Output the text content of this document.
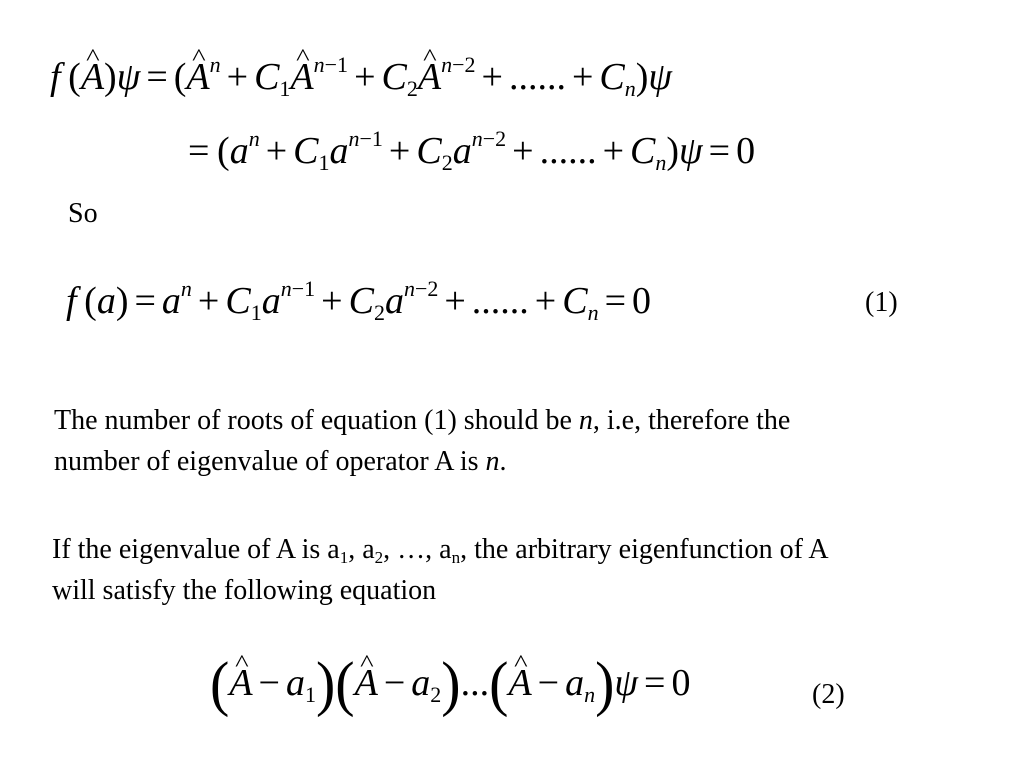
f (^ A)ψ = (^ $A^n$ + $C_1\^{}$ $A^{n-1}$ + $C_2\^{}$ $A^{n-2}$ + ...... + $C_n)\psi$
= ($a^n + C_1a^{n-1} + C_2a^{n-2}$ + ...... + $C_n)\psi = 0$
So
f $(a) = a^n + C_1a^{n-1} + C_2a^{n-2}$ + ...... + $C_n = 0$	(1)
The number of roots of equation (1) should be n, i.e, therefore the
number of eigenvalue of operator A is n.
If the eigenvalue of A is $a_1$, $a_2$, …, $a_n$, the arbitrary eigenfunction of A
will satisfy the following equation
(^ $A - a_1)(\^{}$ $A - a_2)...(\^{}$ $A - a_n)\psi = 0$	(2)
